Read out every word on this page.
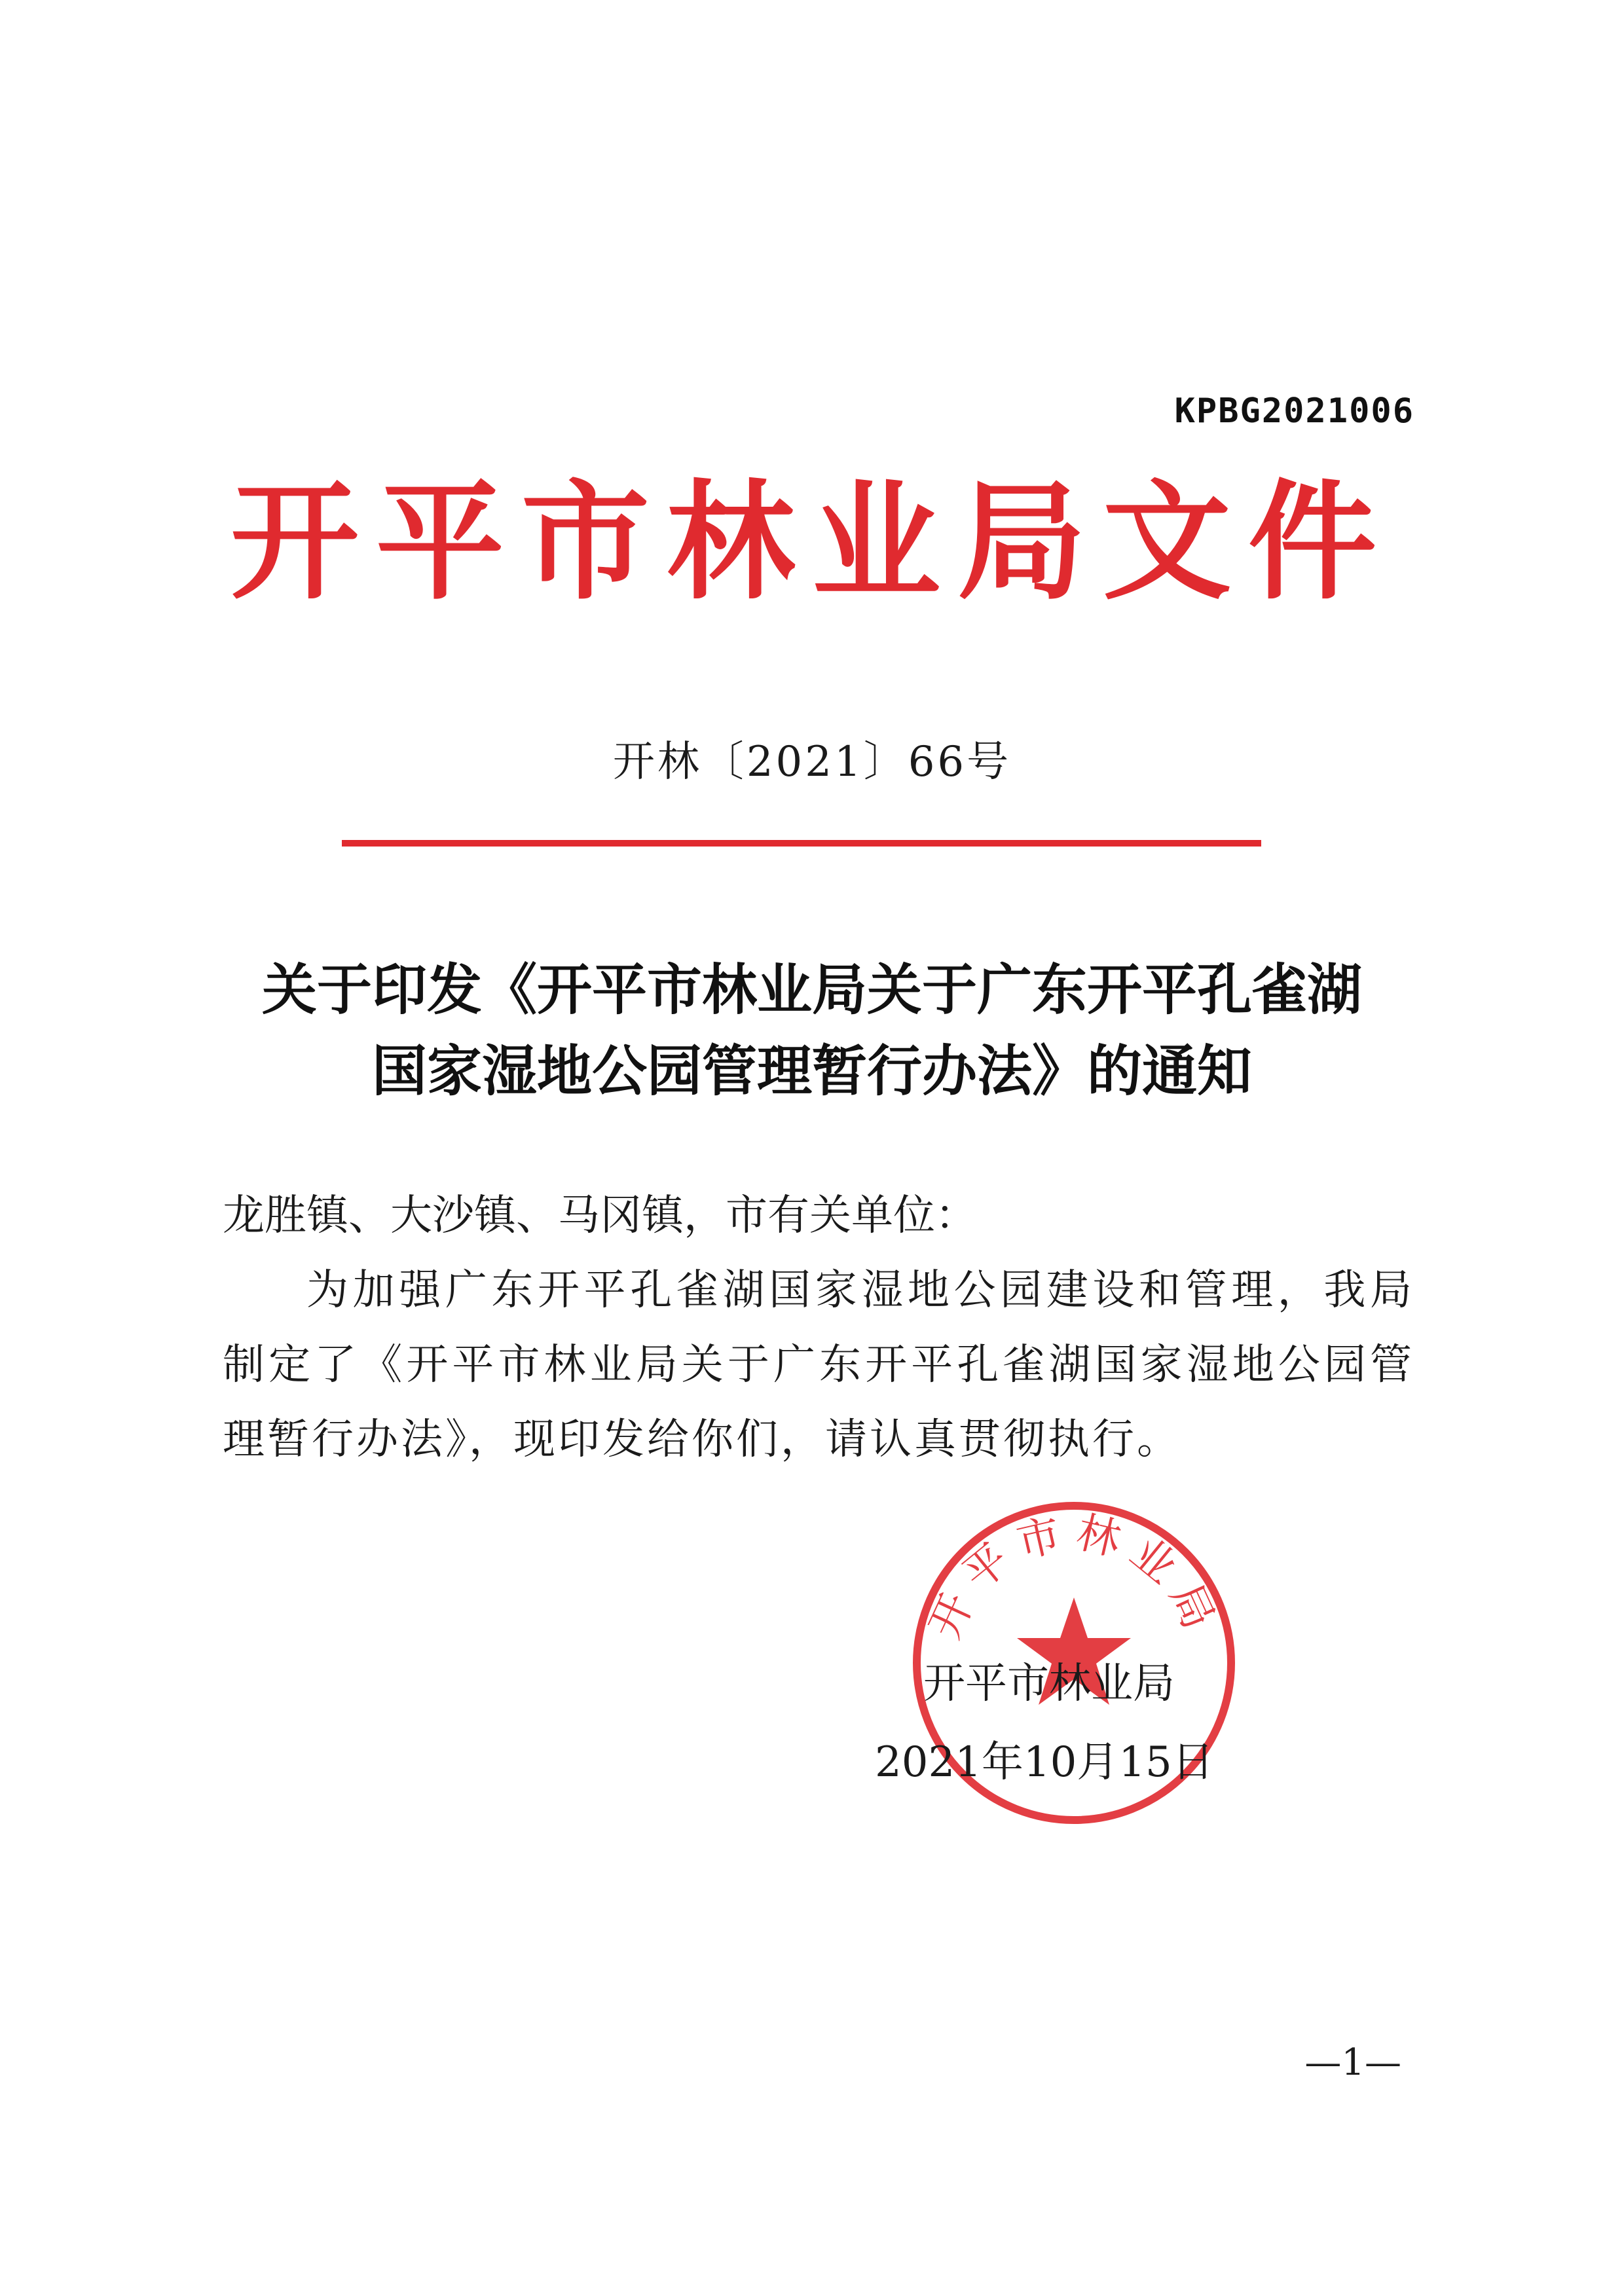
KPBG2021006
开平市林业局文件
开林〔2021〕66号
关于印发《开平市林业局关于广东开平孔雀湖
国家湿地公园管理暂行办法》的通知

龙胜镇、大沙镇、马冈镇，市有关单位：

为加强广东开平孔雀湖国家湿地公园建设和管理，我局制定了《开平市林业局关于广东开平孔雀湖国家湿地公园管理暂行办法》，现印发给你们，请认真贯彻执行。

开平市林业局
开平市林业局
2021年10月15日
—1—
